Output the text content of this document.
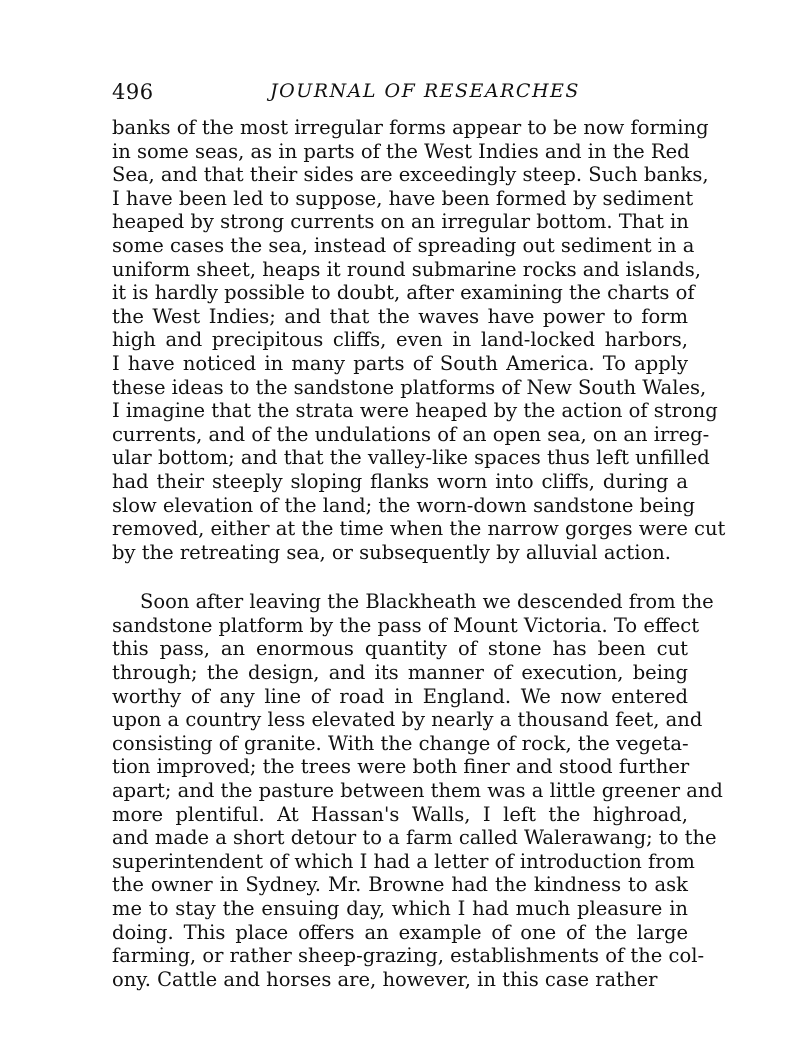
496	JOURNAL OF RESEARCHES
banks of the most irregular forms appear to be now forming
in some seas, as in parts of the West Indies and in the Red
Sea, and that their sides are exceedingly steep. Such banks,
I have been led to suppose, have been formed by sediment
heaped by strong currents on an irregular bottom. That in
some cases the sea, instead of spreading out sediment in a
uniform sheet, heaps it round submarine rocks and islands,
it is hardly possible to doubt, after examining the charts of
the West Indies; and that the waves have power to form
high and precipitous cliffs, even in land-locked harbors,
I have noticed in many parts of South America. To apply
these ideas to the sandstone platforms of New South Wales,
I imagine that the strata were heaped by the action of strong
currents, and of the undulations of an open sea, on an irreg-
ular bottom; and that the valley-like spaces thus left unfilled
had their steeply sloping flanks worn into cliffs, during a
slow elevation of the land; the worn-down sandstone being
removed, either at the time when the narrow gorges were cut
by the retreating sea, or subsequently by alluvial action.
Soon after leaving the Blackheath we descended from the
sandstone platform by the pass of Mount Victoria. To effect
this pass, an enormous quantity of stone has been cut
through; the design, and its manner of execution, being
worthy of any line of road in England. We now entered
upon a country less elevated by nearly a thousand feet, and
consisting of granite. With the change of rock, the vegeta-
tion improved; the trees were both finer and stood further
apart; and the pasture between them was a little greener and
more plentiful. At Hassan's Walls, I left the highroad,
and made a short detour to a farm called Walerawang; to the
superintendent of which I had a letter of introduction from
the owner in Sydney. Mr. Browne had the kindness to ask
me to stay the ensuing day, which I had much pleasure in
doing. This place offers an example of one of the large
farming, or rather sheep-grazing, establishments of the col-
ony. Cattle and horses are, however, in this case rather
